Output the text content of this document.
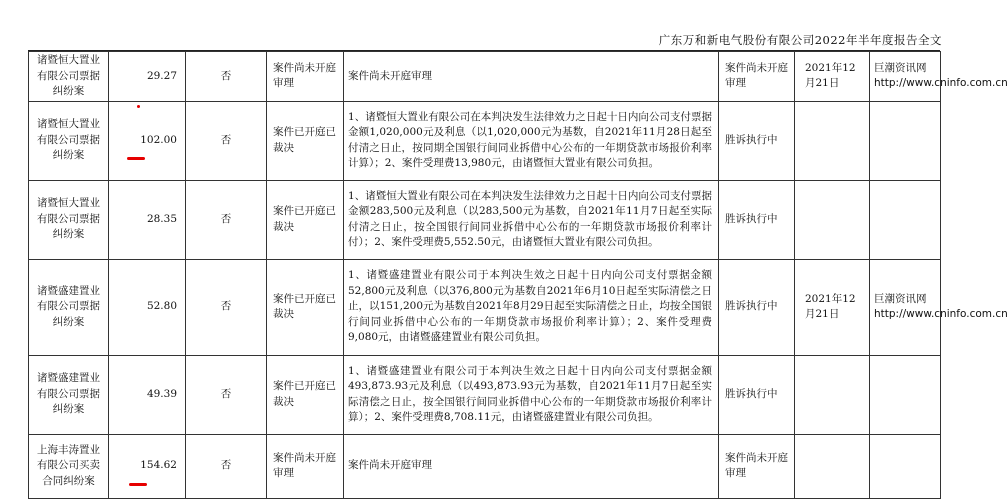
广东万和新电气股份有限公司2022年半年度报告全文
诸暨恒大置业有限公司票据纠纷案	29.27	否	案件尚未开庭审理	案件尚未开庭审理	案件尚未开庭审理	2021年12月21日	巨潮资讯网http://www.cninfo.com.cn
诸暨恒大置业有限公司票据纠纷案	102.00	否	案件已开庭已裁决	1、诸暨恒大置业有限公司在本判决发生法律效力之日起十日内向公司支付票据金额1,020,000元及利息（以1,020,000元为基数，自2021年11月28日起至付清之日止，按同期全国银行间同业拆借中心公布的一年期贷款市场报价利率计算）；2、案件受理费13,980元，由诸暨恒大置业有限公司负担。	胜诉执行中		
诸暨恒大置业有限公司票据纠纷案	28.35	否	案件已开庭已裁决	1、诸暨恒大置业有限公司在本判决发生法律效力之日起十日内向公司支付票据金额283,500元及利息（以283,500元为基数，自2021年11月7日起至实际付清之日止，按全国银行间同业拆借中心公布的一年期贷款市场报价利率计付）；2、案件受理费5,552.50元，由诸暨恒大置业有限公司负担。	胜诉执行中		
诸暨盛建置业有限公司票据纠纷案	52.80	否	案件已开庭已裁决	1、诸暨盛建置业有限公司于本判决生效之日起十日内向公司支付票据金额52,800元及利息（以376,800元为基数自2021年6月10日起至实际清偿之日止，以151,200元为基数自2021年8月29日起至实际清偿之日止，均按全国银行间同业拆借中心公布的一年期贷款市场报价利率计算）；2、案件受理费9,080元，由诸暨盛建置业有限公司负担。	胜诉执行中	2021年12月21日	巨潮资讯网http://www.cninfo.com.cn
诸暨盛建置业有限公司票据纠纷案	49.39	否	案件已开庭已裁决	1、诸暨盛建置业有限公司于本判决生效之日起十日内向公司支付票据金额493,873.93元及利息（以493,873.93元为基数，自2021年11月7日起至实际清偿之日止，按全国银行间同业拆借中心公布的一年期贷款市场报价利率计算）；2、案件受理费8,708.11元，由诸暨盛建置业有限公司负担。	胜诉执行中		
上海丰涛置业有限公司买卖合同纠纷案	154.62	否	案件尚未开庭审理	案件尚未开庭审理	案件尚未开庭审理		
